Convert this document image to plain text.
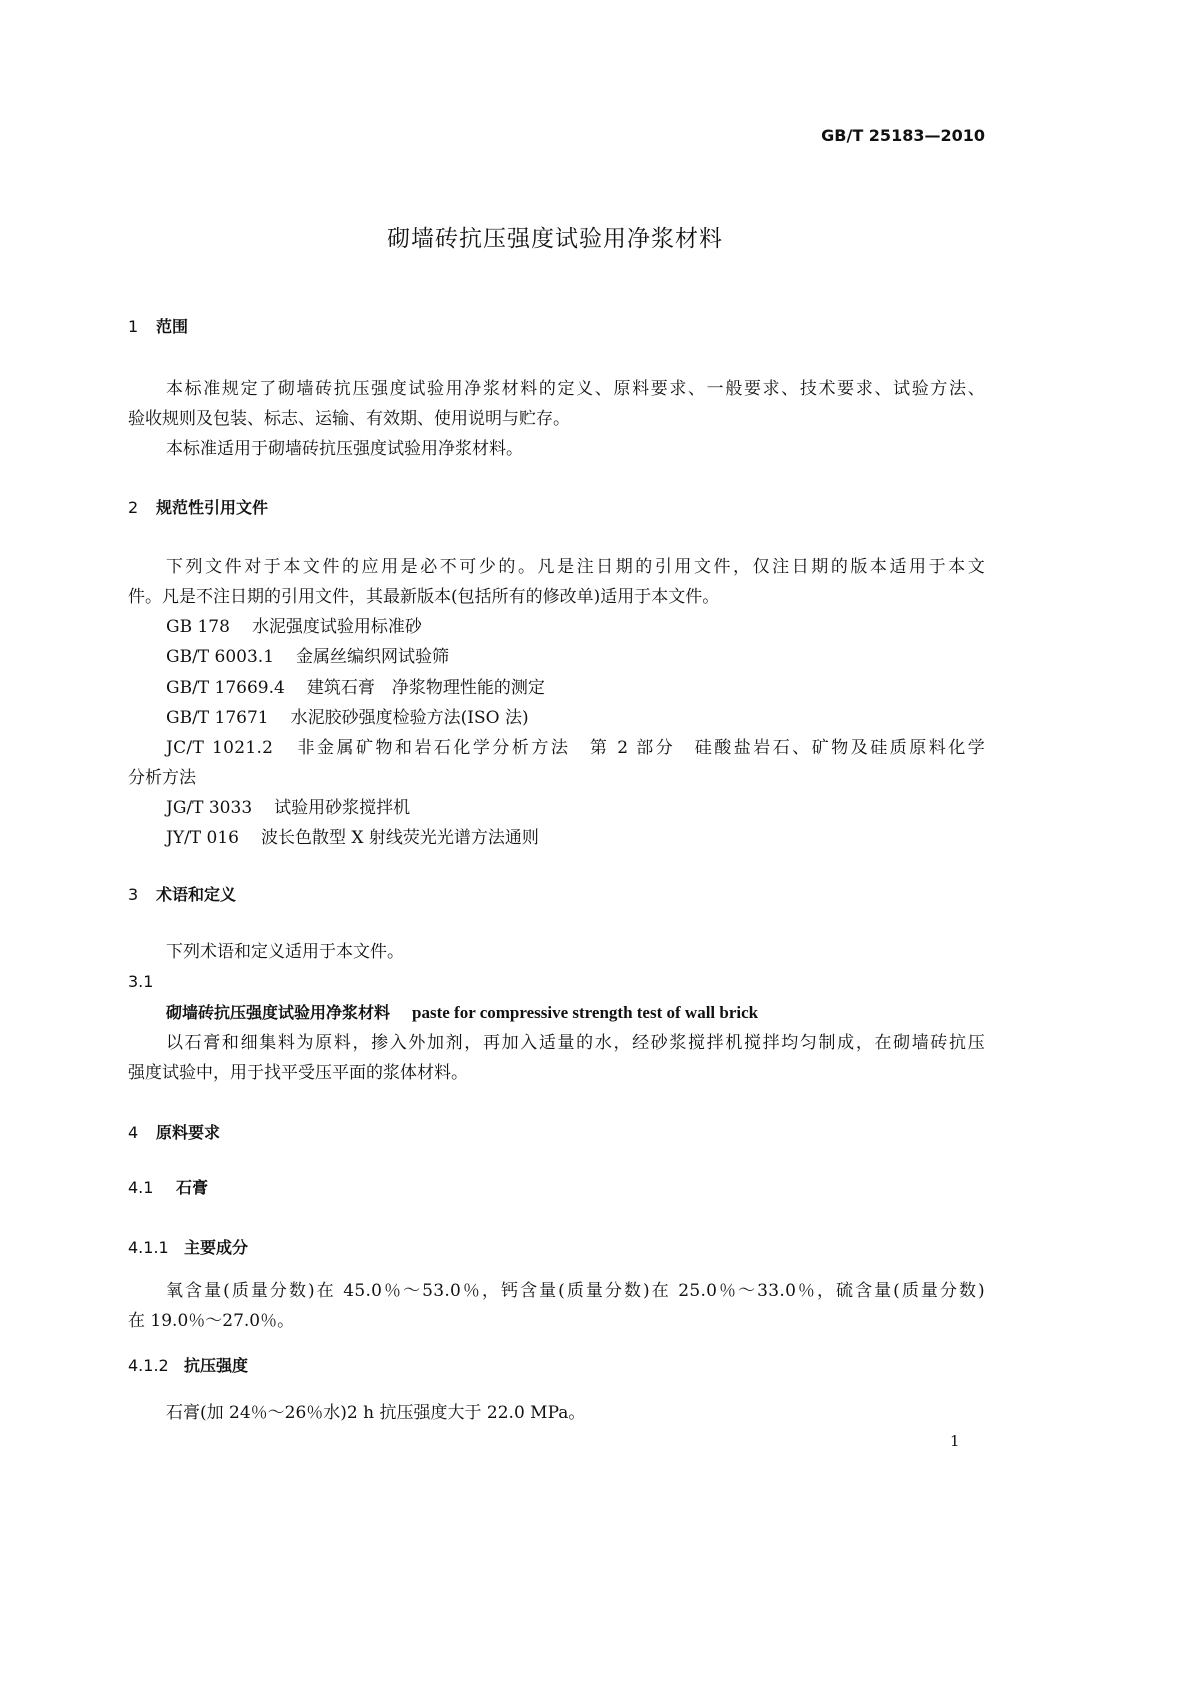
GB/T 25183—2010
砌墙砖抗压强度试验用净浆材料
1 范围
本标准规定了砌墙砖抗压强度试验用净浆材料的定义、原料要求、一般要求、技术要求、试验方法、
验收规则及包装、标志、运输、有效期、使用说明与贮存。
本标准适用于砌墙砖抗压强度试验用净浆材料。
2 规范性引用文件
下列文件对于本文件的应用是必不可少的。凡是注日期的引用文件，仅注日期的版本适用于本文
件。凡是不注日期的引用文件，其最新版本(包括所有的修改单)适用于本文件。
GB 178 水泥强度试验用标准砂
GB/T 6003.1 金属丝编织网试验筛
GB/T 17669.4 建筑石膏　净浆物理性能的测定
GB/T 17671 水泥胶砂强度检验方法(ISO 法)
JC/T 1021.2 非金属矿物和岩石化学分析方法　第 2 部分　硅酸盐岩石、矿物及硅质原料化学
分析方法
JG/T 3033 试验用砂浆搅拌机
JY/T 016 波长色散型 X 射线荧光光谱方法通则
3 术语和定义
下列术语和定义适用于本文件。
3.1
砌墙砖抗压强度试验用净浆材料 paste for compressive strength test of wall brick
以石膏和细集料为原料，掺入外加剂，再加入适量的水，经砂浆搅拌机搅拌均匀制成，在砌墙砖抗压
强度试验中，用于找平受压平面的浆体材料。
4 原料要求
4.1 石膏
4.1.1 主要成分
氧含量(质量分数)在 45.0％～53.0％，钙含量(质量分数)在 25.0％～33.0％，硫含量(质量分数)
在 19.0％～27.0％。
4.1.2 抗压强度
石膏(加 24％～26％水)2 h 抗压强度大于 22.0 MPa。
1
